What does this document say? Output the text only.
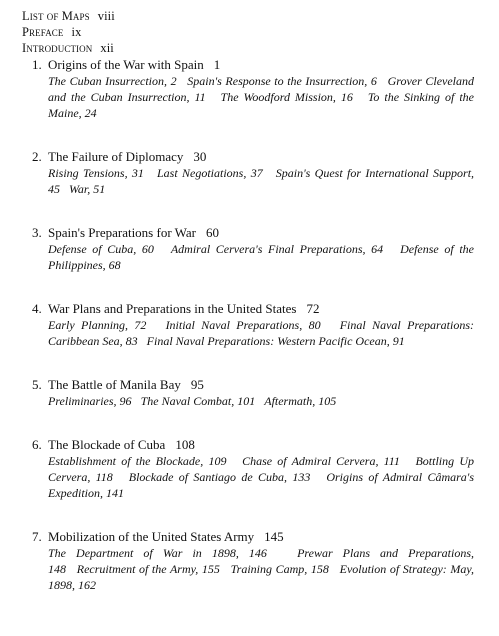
List of Maps viii

Preface ix

Introduction xii

1. Origins of the War with Spain 1

The Cuban Insurrection, 2 Spain's Response to the Insurrection, 6 Grover Cleveland and the Cuban Insurrection, 11 The Woodford Mission, 16 To the Sinking of the Maine, 24

2. The Failure of Diplomacy 30

Rising Tensions, 31 Last Negotiations, 37 Spain's Quest for International Support, 45 War, 51

3. Spain's Preparations for War 60

Defense of Cuba, 60 Admiral Cervera's Final Preparations, 64 Defense of the Philippines, 68

4. War Plans and Preparations in the United States 72

Early Planning, 72 Initial Naval Preparations, 80 Final Naval Preparations: Caribbean Sea, 83 Final Naval Preparations: Western Pacific Ocean, 91

5. The Battle of Manila Bay 95

Preliminaries, 96 The Naval Combat, 101 Aftermath, 105

6. The Blockade of Cuba 108

Establishment of the Blockade, 109 Chase of Admiral Cervera, 111 Bottling Up Cervera, 118 Blockade of Santiago de Cuba, 133 Origins of Admiral Câmara's Expedition, 141

7. Mobilization of the United States Army 145

The Department of War in 1898, 146	Prewar Plans and Preparations, 148 Recruitment of the Army, 155 Training Camp, 158 Evolution of Strategy: May, 1898, 162
